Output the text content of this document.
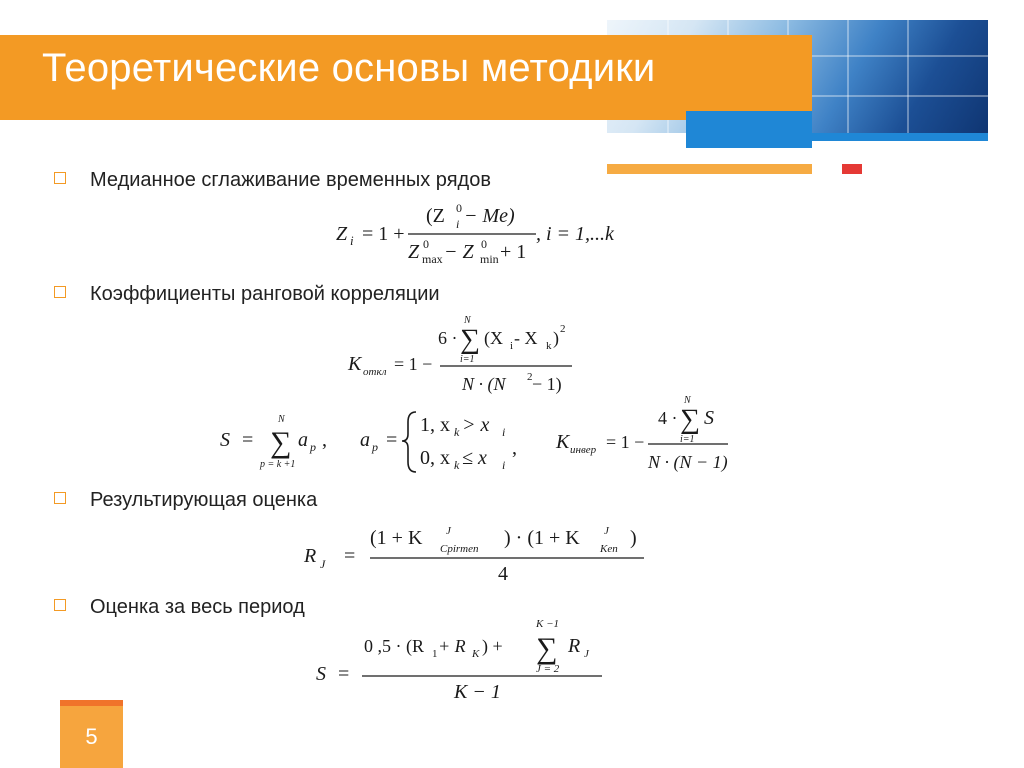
Теоретические основы методики
Медианное сглаживание временных рядов
Коэффициенты ранговой корреляции
Результирующая оценка
Оценка за весь период
Z i = 1 +
(Z 0
i − Me)
Z 0
max − Z 0
min + 1
, i = 1,...k
K откл = 1 −
6 ·
N
∑
i=1
(X i - X k ) 2
N · (N 2 − 1)
S =
N
∑
p = k +1
a p , a p =
1, x k > x i
,
0, x k ≤ x i
K инвер = 1 −
4 ·
N
∑
i=1
S
N · (N − 1)
R J =
(1 + K J
Cpirmen ) · (1 + K J
Ken )
4
S =
0 ,5 · (R 1 + R K ) +
K −1
∑
J = 2
R J
K − 1
5
